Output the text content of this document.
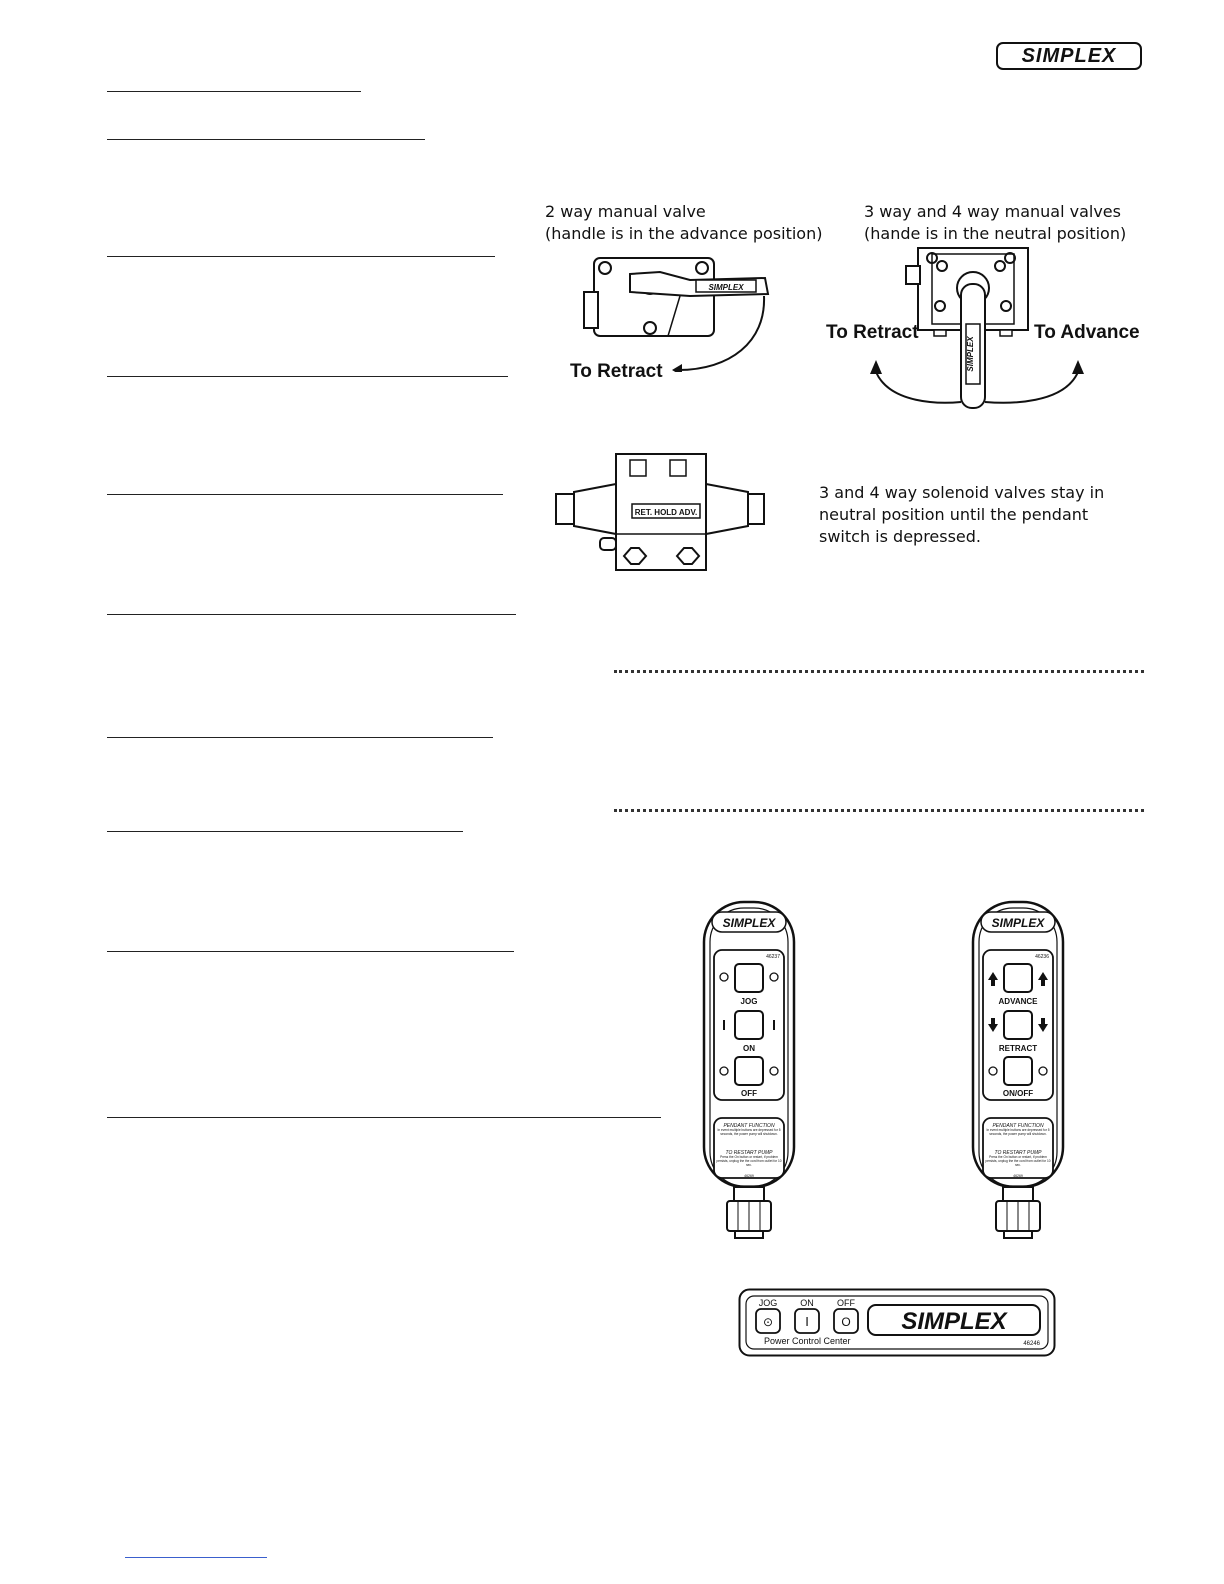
SIMPLEX
2 way manual valve
(handle is in the advance position)
3 way and 4 way manual valves
(hande is in the neutral position)
SIMPLEX
To Retract	SIMPLEX
To Retract	To Advance
RET. HOLD ADV.
3 and 4 way solenoid valves stay in
neutral position until the pendant
switch is depressed.
SIMPLEX
46237
JOG
ON
OFF
PENDANT FUNCTION
In event multiple buttons are depressed for 5 seconds, the power pump will shutdown.
TO RESTART PUMP
Press the On button or restart, if problem persists, unplug the the cord from outlet for 10 sec.
46269
SIMPLEX
46236
ADVANCE
RETRACT
ON/OFF
PENDANT FUNCTION
In event multiple buttons are depressed for 5 seconds, the power pump will shutdown.
TO RESTART PUMP
Press the On button or restart, if problem persists, unplug the the cord from outlet for 10 sec.
46269
JOG	ON	OFF
⊙ I	O
Power Control Center
SIMPLEX
46246
